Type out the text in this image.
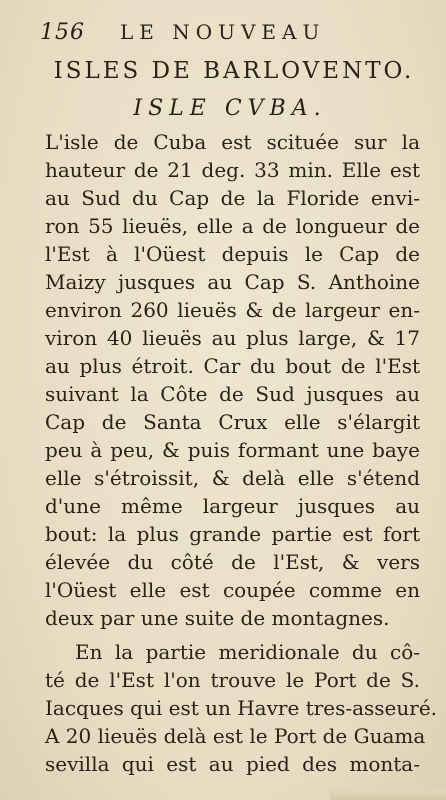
156 LE NOUVEAU
ISLES DE BARLOVENTO.
ISLE CVBA.
L'isle de Cuba est scituée sur la
hauteur de 21 deg. 33 min. Elle est
au Sud du Cap de la Floride envi-
ron 55 lieuës, elle a de longueur de
l'Est à l'Oüest depuis le Cap de
Maizy jusques au Cap S. Anthoine
environ 260 lieuës & de largeur en-
viron 40 lieuës au plus large, & 17
au plus étroit. Car du bout de l'Est
suivant la Côte de Sud jusques au
Cap de Santa Crux elle s'élargit
peu à peu, & puis formant une baye
elle s'étroissit, & delà elle s'étend
d'une même largeur jusques au
bout: la plus grande partie est fort
élevée du côté de l'Est, & vers
l'Oüest elle est coupée comme en
deux par une suite de montagnes.
En la partie meridionale du cô-
té de l'Est l'on trouve le Port de S.
Iacques qui est un Havre tres-asseuré.
A 20 lieuës delà est le Port de Guama
sevilla qui est au pied des monta-
